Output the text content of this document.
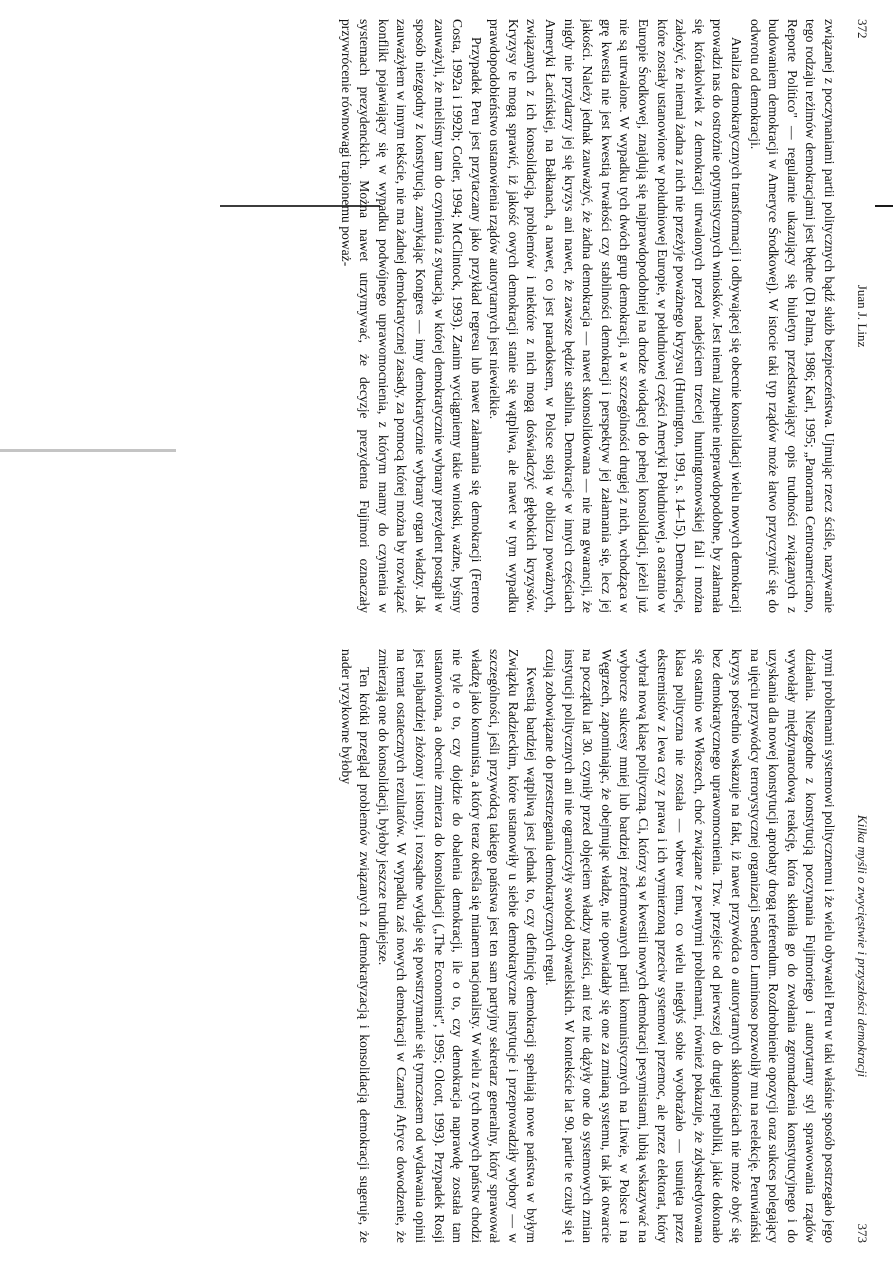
372
Juan J. Linz

związanej z poczynaniami partii politycznych bądź służb bezpieczeństwa. Ujmując rzecz ściśle, nazywanie tego rodzaju reżimów demokracjami jest błędne (Di Palma, 1986; Karl, 1995; „Panorama Centroamericano, Reporte Político" — regularnie ukazujący się biuletyn przedstawiający opis trudności związanych z budowaniem demokracji w Ameryce Środkowej). W istocie taki typ rządów może łatwo przyczynić się do odwrotu od demokracji.

Analiza demokratycznych transformacji i odbywającej się obecnie konsolidacji wielu nowych demokracji prowadzi nas do ostrożnie optymistycznych wniosków. Jest niemal zupełnie nieprawdopodobne, by załamała się którakolwiek z demokracji utrwalonych przed nadejściem trzeciej huntingtonowskiej fali i można założyć, że niemal żadna z nich nie przeżyje poważnego kryzysu (Huntington, 1991, s. 14–15). Demokracje, które zostały ustanowione w południowej Europie, w południowej części Ameryki Południowej, a ostatnio w Europie Środkowej, znajdują się najprawdopodobniej na drodze wiodącej do pełnej konsolidacji, jeżeli już nie są utrwalone. W wypadku tych dwóch grup demokracji, a w szczególności drugiej z nich, wchodząca w grę kwestia nie jest kwestią trwałości czy stabilności demokracji i perspektyw jej załamania się, lecz jej jakości. Należy jednak zauważyć, że żadna demokracja — nawet skonsolidowana — nie ma gwarancji, że nigdy nie przydarzy jej się kryzys ani nawet, że zawsze będzie stabilna. Demokracje w innych częściach Ameryki Łacińskiej, na Bałkanach, a nawet, co jest paradoksem, w Polsce stoją w obliczu poważnych, związanych z ich konsolidacją, problemów i niektóre z nich mogą doświadczyć głębokich kryzysów. Kryzysy te mogą sprawić, iż jakość owych demokracji stanie się wątpliwa, ale nawet w tym wypadku prawdopodobieństwo ustanowienia rządów autorytarnych jest niewielkie.

Przypadek Peru jest przytaczany jako przykład regresu lub nawet załamania się demokracji (Ferrero Costa, 1992a i 1992b; Cotler, 1994; McClintock, 1993). Zanim wyciągniemy takie wnioski, ważne, byśmy zauważyli, że mieliśmy tam do czynienia z sytuacją, w której demokratycznie wybrany prezydent postąpił w sposób niezgodny z konstytucją, zamykając Kongres — inny demokratycznie wybrany organ władzy. Jak zauważyłem w innym tekście, nie ma żadnej demokratycznej zasady, za pomocą której można by rozwiązać konflikt pojawiający się w wypadku podwójnego uprawomocnienia, z którym mamy do czynienia w systemach prezydenckich. Można nawet utrzymywać, że decyzje prezydenta Fujimori oznaczały przywrócenie równowagi trapionemu poważ-

Kilka myśli o zwycięstwie i przyszłości demokracji
373

nymi problemami systemowi politycznemu i że wielu obywateli Peru w taki właśnie sposób postrzegało jego działania. Niezgodne z konstytucją poczynania Fujimoriego i autorytarny styl sprawowania rządów wywołały międzynarodową reakcję, która skłoniła go do zwołania zgromadzenia konstytucyjnego i do uzyskania dla nowej konstytucji aprobaty drogą referendum. Rozdrobnienie opozycji oraz sukces polegający na ujęciu przywódcy terrorystycznej organizacji Sendero Luminoso pozwoliły mu na reelekcję. Peruwiański kryzys pośrednio wskazuje na fakt, iż nawet przywódca o autorytarnych skłonnościach nie może obyć się bez demokratycznego uprawomocnienia. Tzw. przejście od pierwszej do drugiej republiki, jakie dokonało się ostatnio we Włoszech, choć związane z pewnymi problemami, również pokazuje, że zdyskredytowana klasa polityczna nie została — wbrew temu, co wielu niegdyś sobie wyobrażało — usunięta przez ekstremistów z lewa czy z prawa i ich wymierzoną przeciw systemowi przemoc, ale przez elektorat, który wybrał nową klasę polityczną. Ci, którzy są w kwestii nowych demokracji pesymistami, lubią wskazywać na wyborcze sukcesy mniej lub bardziej zreformowanych partii komunistycznych na Litwie, w Polsce i na Węgrzech, zapominając, że obejmując władzę, nie opowiadały się one za zmianą systemu, tak jak otwarcie na początku lat 30. czyniły przed objęciem władzy naziści, ani też nie dążyły one do systemowych zmian instytucji politycznych ani nie ograniczyły swobód obywatelskich. W kontekście lat 90. partie te czuły się i czują zobowiązane do przestrzegania demokratycznych reguł.

Kwestią bardziej wątpliwą jest jednak to, czy definicję demokracji spełniają nowe państwa w byłym Związku Radzieckim, które ustanowiły u siebie demokratyczne instytucje i przeprowadziły wybory — w szczególności, jeśli przywódcą takiego państwa jest ten sam partyjny sekretarz generalny, który sprawował władzę jako komunista, a który teraz określa się mianem nacjonalisty. W wielu z tych nowych państw chodzi nie tyle o to, czy dojdzie do obalenia demokracji, ile o to, czy demokracja naprawdę została tam ustanowiona, a obecnie zmierza do konsolidacji („The Economist", 1995; Olcott, 1993). Przypadek Rosji jest najbardziej złożony i istotny, i rozsądne wydaje się powstrzymanie się tymczasem od wydawania opinii na temat ostatecznych rezultatów. W wypadku zaś nowych demokracji w Czarnej Afryce dowodzenie, że zmierzają one do konsolidacji, byłoby jeszcze trudniejsze.

Ten krótki przegląd problemów związanych z demokratyzacją i konsolidacją demokracji sugeruje, że nader ryzykowne byłoby
